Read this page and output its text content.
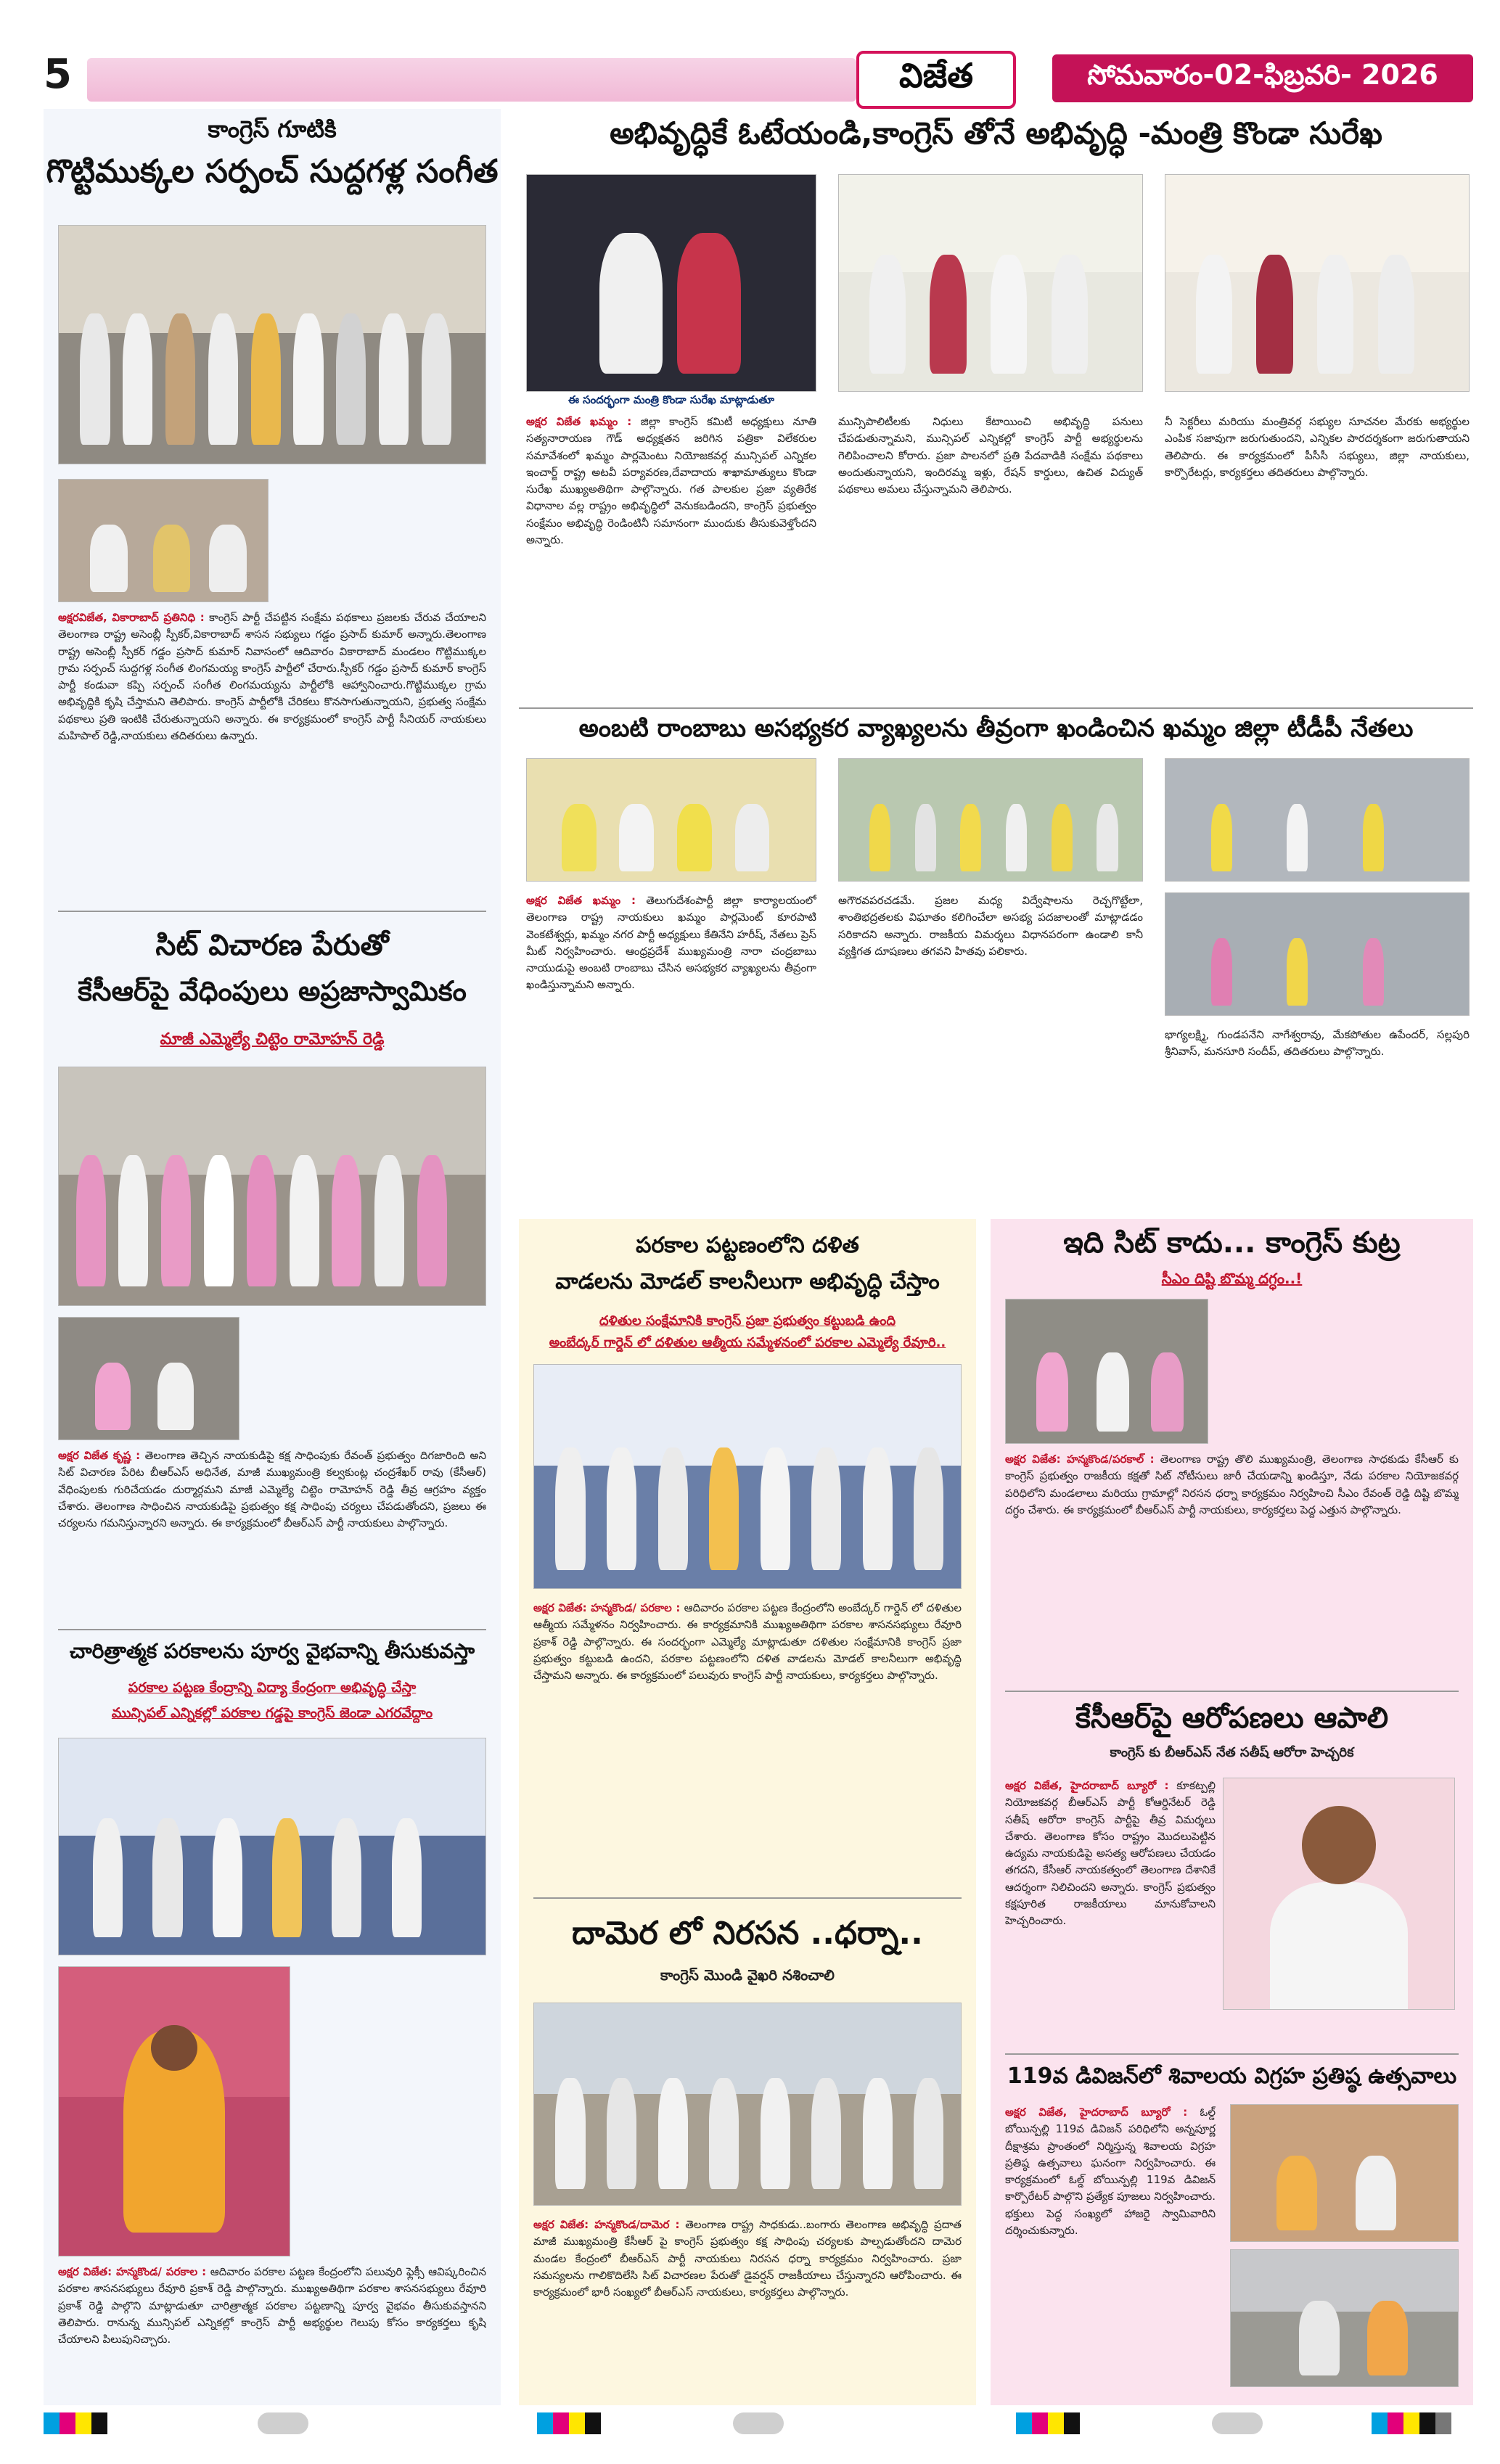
5	విజేత	సోమవారం-02-ఫిబ్రవరి- 2026
కాంగ్రెస్ గూటికి
గొట్టిముక్కల సర్పంచ్ సుద్దగళ్ల సంగీత
అక్షరవిజేత, వికారాబాద్ ప్రతినిధి : కాంగ్రెస్ పార్టీ చేపట్టిన సంక్షేమ పథకాలు ప్రజలకు చేరువ చేయాలని తెలంగాణ రాష్ట్ర అసెంబ్లీ స్పీకర్,వికారాబాద్ శాసన సభ్యులు గడ్డం ప్రసాద్ కుమార్ అన్నారు.తెలంగాణ రాష్ట్ర అసెంబ్లీ స్పీకర్ గడ్డం ప్రసాద్ కుమార్ నివాసంలో ఆదివారం వికారాబాద్ మండలం గొట్టిముక్కల గ్రామ సర్పంచ్ సుద్దగళ్ల సంగీత లింగమయ్య కాంగ్రెస్ పార్టీలో చేరారు.స్పీకర్ గడ్డం ప్రసాద్ కుమార్ కాంగ్రెస్ పార్టీ కండువా కప్పి సర్పంచ్ సంగీత లింగమయ్యను పార్టీలోకి ఆహ్వానించారు.గొట్టిముక్కల గ్రామ అభివృద్ధికి కృషి చేస్తామని తెలిపారు. కాంగ్రెస్ పార్టీలోకి చేరికలు కొనసాగుతున్నాయని, ప్రభుత్వ సంక్షేమ పథకాలు ప్రతి ఇంటికి చేరుతున్నాయని అన్నారు. ఈ కార్యక్రమంలో కాంగ్రెస్ పార్టీ సీనియర్ నాయకులు మహిపాల్ రెడ్డి,నాయకులు తదితరులు ఉన్నారు.
సిట్ విచారణ పేరుతో
కేసీఆర్‌పై వేధింపులు అప్రజాస్వామికం
మాజీ ఎమ్మెల్యే చిట్టెం రామోహన్ రెడ్డి
అక్షర విజేత కృష్ణ : తెలంగాణ తెచ్చిన నాయకుడిపై కక్ష సాధింపుకు రేవంత్ ప్రభుత్వం దిగజారింది అని సిట్ విచారణ పేరిట బీఆర్ఎస్ అధినేత, మాజీ ముఖ్యమంత్రి కల్వకుంట్ల చంద్రశేఖర్ రావు (కేసీఆర్) వేధింపులకు గురిచేయడం దుర్మార్గమని మాజీ ఎమ్మెల్యే చిట్టెం రామోహన్ రెడ్డి తీవ్ర ఆగ్రహం వ్యక్తం చేశారు. తెలంగాణ సాధించిన నాయకుడిపై ప్రభుత్వం కక్ష సాధింపు చర్యలు చేపడుతోందని, ప్రజలు ఈ చర్యలను గమనిస్తున్నారని అన్నారు. ఈ కార్యక్రమంలో బీఆర్ఎస్ పార్టీ నాయకులు పాల్గొన్నారు.
చారిత్రాత్మక పరకాలను పూర్వ వైభవాన్ని తీసుకువస్తా
పరకాల పట్టణ కేంద్రాన్ని విద్యా కేంద్రంగా అభివృద్ధి చేస్తా
మున్సిపల్ ఎన్నికల్లో పరకాల గడ్డపై కాంగ్రెస్ జెండా ఎగరవేద్దాం
అక్షర విజేత: హన్మకొండ/ పరకాల : ఆదివారం పరకాల పట్టణ కేంద్రంలోని పలువురి ఫ్లెక్సీ ఆవిష్కరించిన పరకాల శాసనసభ్యులు రేవూరి ప్రకాశ్ రెడ్డి పాల్గొన్నారు. ముఖ్యఅతిథిగా పరకాల శాసనసభ్యులు రేవూరి ప్రకాశ్ రెడ్డి పాల్గొని మాట్లాడుతూ చారిత్రాత్మక పరకాల పట్టణాన్ని పూర్వ వైభవం తీసుకువస్తానని తెలిపారు. రానున్న మున్సిపల్ ఎన్నికల్లో కాంగ్రెస్ పార్టీ అభ్యర్థుల గెలుపు కోసం కార్యకర్తలు కృషి చేయాలని పిలుపునిచ్చారు.
అభివృద్ధికే ఓటేయండి,కాంగ్రెస్ తోనే అభివృద్ధి -మంత్రి కొండా సురేఖ
ఈ సందర్భంగా మంత్రి కొండా సురేఖ మాట్లాడుతూ
అక్షర విజేత ఖమ్మం : జిల్లా కాంగ్రెస్ కమిటీ అధ్యక్షులు నూతి సత్యనారాయణ గౌడ్ అధ్యక్షతన జరిగిన పత్రికా విలేకరుల సమావేశంలో ఖమ్మం పార్లమెంటు నియోజకవర్గ మున్సిపల్ ఎన్నికల ఇంచార్జ్ రాష్ట్ర అటవీ పర్యావరణ,దేవాదాయ శాఖామాత్యులు కొండా సురేఖ ముఖ్యఅతిథిగా పాల్గొన్నారు. గత పాలకుల ప్రజా వ్యతిరేక విధానాల వల్ల రాష్ట్రం అభివృద్ధిలో వెనుకబడిందని, కాంగ్రెస్ ప్రభుత్వం సంక్షేమం అభివృద్ధి రెండింటినీ సమానంగా ముందుకు తీసుకువెళ్తోందని అన్నారు.
మున్సిపాలిటీలకు నిధులు కేటాయించి అభివృద్ధి పనులు చేపడుతున్నామని, మున్సిపల్ ఎన్నికల్లో కాంగ్రెస్ పార్టీ అభ్యర్థులను గెలిపించాలని కోరారు. ప్రజా పాలనలో ప్రతి పేదవాడికి సంక్షేమ పథకాలు అందుతున్నాయని, ఇందిరమ్మ ఇళ్లు, రేషన్ కార్డులు, ఉచిత విద్యుత్ పథకాలు అమలు చేస్తున్నామని తెలిపారు.
నీ సెక్టరీలు మరియు మంత్రివర్గ సభ్యుల సూచనల మేరకు అభ్యర్థుల ఎంపిక సజావుగా జరుగుతుందని, ఎన్నికల పారదర్శకంగా జరుగుతాయని తెలిపారు. ఈ కార్యక్రమంలో పీసీసీ సభ్యులు, జిల్లా నాయకులు, కార్పొరేటర్లు, కార్యకర్తలు తదితరులు పాల్గొన్నారు.
అంబటి రాంబాబు అసభ్యకర వ్యాఖ్యలను తీవ్రంగా ఖండించిన ఖమ్మం జిల్లా టీడీపీ నేతలు
అక్షర విజేత ఖమ్మం : తెలుగుదేశంపార్టీ జిల్లా కార్యాలయంలో తెలంగాణ రాష్ట్ర నాయకులు ఖమ్మం పార్లమెంట్ కూరపాటి వెంకటేశ్వర్లు, ఖమ్మం నగర పార్టీ అధ్యక్షులు కేతినేని హరీష్, నేతలు ప్రెస్ మీట్ నిర్వహించారు. ఆంధ్రప్రదేశ్ ముఖ్యమంత్రి నారా చంద్రబాబు నాయుడుపై అంబటి రాంబాబు చేసిన అసభ్యకర వ్యాఖ్యలను తీవ్రంగా ఖండిస్తున్నామని అన్నారు.
అగౌరవపరచడమే. ప్రజల మధ్య విద్వేషాలను రెచ్చగొట్టేలా, శాంతిభద్రతలకు విఘాతం కలిగించేలా అసభ్య పదజాలంతో మాట్లాడడం సరికాదని అన్నారు. రాజకీయ విమర్శలు విధానపరంగా ఉండాలి కానీ వ్యక్తిగత దూషణలు తగవని హితవు పలికారు.
భాగ్యలక్ష్మి, గుండపనేని నాగేశ్వరావు, మేకపోతుల ఉపేందర్, సల్లపురి శ్రీనివాస్, మనసూరి సందీప్, తదితరులు పాల్గొన్నారు.
పరకాల పట్టణంలోని దళిత
వాడలను మోడల్ కాలనీలుగా అభివృద్ధి చేస్తాం
దళితుల సంక్షేమానికి కాంగ్రెస్ ప్రజా ప్రభుత్వం కట్టుబడి ఉంది
అంబేద్కర్ గార్డెన్ లో దళితుల ఆత్మీయ సమ్మేళనంలో పరకాల ఎమ్మెల్యే రేవూరి..
అక్షర విజేత: హన్మకొండ/ పరకాల : ఆదివారం పరకాల పట్టణ కేంద్రంలోని అంబేద్కర్ గార్డెన్ లో దళితుల ఆత్మీయ సమ్మేళనం నిర్వహించారు. ఈ కార్యక్రమానికి ముఖ్యఅతిథిగా పరకాల శాసనసభ్యులు రేవూరి ప్రకాశ్ రెడ్డి పాల్గొన్నారు. ఈ సందర్భంగా ఎమ్మెల్యే మాట్లాడుతూ దళితుల సంక్షేమానికి కాంగ్రెస్ ప్రజా ప్రభుత్వం కట్టుబడి ఉందని, పరకాల పట్టణంలోని దళిత వాడలను మోడల్ కాలనీలుగా అభివృద్ధి చేస్తామని అన్నారు. ఈ కార్యక్రమంలో పలువురు కాంగ్రెస్ పార్టీ నాయకులు, కార్యకర్తలు పాల్గొన్నారు.
దామెర లో నిరసన ..ధర్నా..
కాంగ్రెస్ మొండి వైఖరి నశించాలి
అక్షర విజేత: హన్మకొండ/దామెర : తెలంగాణ రాష్ట్ర సాధకుడు..బంగారు తెలంగాణ అభివృద్ధి ప్రదాత మాజీ ముఖ్యమంత్రి కేసీఆర్ పై కాంగ్రెస్ ప్రభుత్వం కక్ష సాధింపు చర్యలకు పాల్పడుతోందని దామెర మండల కేంద్రంలో బీఆర్ఎస్ పార్టీ నాయకులు నిరసన ధర్నా కార్యక్రమం నిర్వహించారు. ప్రజా సమస్యలను గాలికొదిలేసి సిట్ విచారణల పేరుతో డైవర్షన్ రాజకీయాలు చేస్తున్నారని ఆరోపించారు. ఈ కార్యక్రమంలో భారీ సంఖ్యలో బీఆర్ఎస్ నాయకులు, కార్యకర్తలు పాల్గొన్నారు.
ఇది సిట్ కాదు... కాంగ్రెస్ కుట్ర
సీఎం దిష్టి బొమ్మ దగ్ధం..!
అక్షర విజేత: హన్మకొండ/పరకాల్ : తెలంగాణ రాష్ట్ర తొలి ముఖ్యమంత్రి, తెలంగాణ సాధకుడు కేసీఆర్ కు కాంగ్రెస్ ప్రభుత్వం రాజకీయ కక్షతో సిట్ నోటీసులు జారీ చేయడాన్ని ఖండిస్తూ, నేడు పరకాల నియోజకవర్గ పరిధిలోని మండలాలు మరియు గ్రామాల్లో నిరసన ధర్నా కార్యక్రమం నిర్వహించి సీఎం రేవంత్ రెడ్డి దిష్టి బొమ్మ దగ్ధం చేశారు. ఈ కార్యక్రమంలో బీఆర్ఎస్ పార్టీ నాయకులు, కార్యకర్తలు పెద్ద ఎత్తున పాల్గొన్నారు.
కేసీఆర్‌పై ఆరోపణలు ఆపాలి
కాంగ్రెస్ కు బీఆర్ఎస్ నేత సతీష్ ఆరోరా హెచ్చరిక
అక్షర విజేత, హైదరాబాద్ బ్యూరో : కూకట్పల్లి నియోజకవర్గ బీఆర్ఎస్ పార్టీ కోఆర్డినేటర్ రెడ్డి సతీష్ ఆరోరా కాంగ్రెస్ పార్టీపై తీవ్ర విమర్శలు చేశారు. తెలంగాణ కోసం రాష్ట్రం మొదలుపెట్టిన ఉద్యమ నాయకుడిపై అసత్య ఆరోపణలు చేయడం తగదని, కేసీఆర్ నాయకత్వంలో తెలంగాణ దేశానికే ఆదర్శంగా నిలిచిందని అన్నారు. కాంగ్రెస్ ప్రభుత్వం కక్షపూరిత రాజకీయాలు మానుకోవాలని హెచ్చరించారు.
119వ డివిజన్‌లో శివాలయ విగ్రహ ప్రతిష్ఠ ఉత్సవాలు
అక్షర విజేత, హైదరాబాద్ బ్యూరో : ఓల్డ్ బోయిన్పల్లి 119వ డివిజన్ పరిధిలోని అన్నపూర్ణ దీక్షాశ్రమ ప్రాంతంలో నిర్మిస్తున్న శివాలయ విగ్రహ ప్రతిష్ఠ ఉత్సవాలు ఘనంగా నిర్వహించారు. ఈ కార్యక్రమంలో ఓల్డ్ బోయిన్పల్లి 119వ డివిజన్ కార్పొరేటర్ పాల్గొని ప్రత్యేక పూజలు నిర్వహించారు. భక్తులు పెద్ద సంఖ్యలో హాజరై స్వామివారిని దర్శించుకున్నారు.
